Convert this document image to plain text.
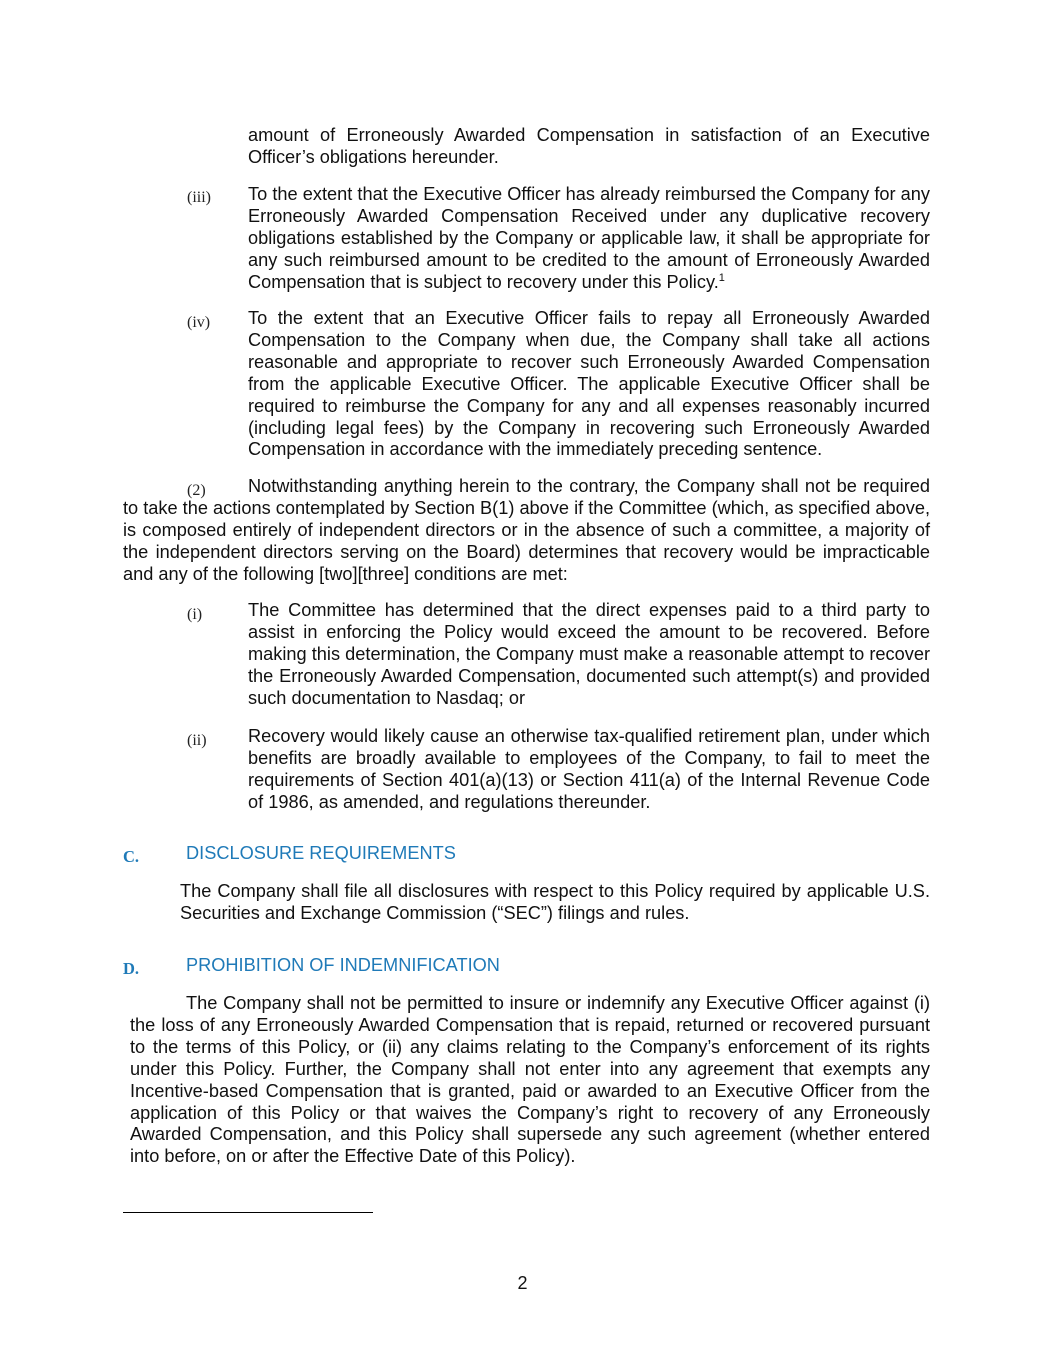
amount of Erroneously Awarded Compensation in satisfaction of an Executive Officer’s obligations hereunder.

(iii) To the extent that the Executive Officer has already reimbursed the Company for any Erroneously Awarded Compensation Received under any duplicative recovery obligations established by the Company or applicable law, it shall be appropriate for any such reimbursed amount to be credited to the amount of Erroneously Awarded Compensation that is subject to recovery under this Policy.$^1$

(iv) To the extent that an Executive Officer fails to repay all Erroneously Awarded Compensation to the Company when due, the Company shall take all actions reasonable and appropriate to recover such Erroneously Awarded Compensation from the applicable Executive Officer. The applicable Executive Officer shall be required to reimburse the Company for any and all expenses reasonably incurred (including legal fees) by the Company in recovering such Erroneously Awarded Compensation in accordance with the immediately preceding sentence.

(2)	Notwithstanding anything herein to the contrary, the Company shall not be required to take the actions contemplated by Section B(1) above if the Committee (which, as specified above, is composed entirely of independent directors or in the absence of such a committee, a majority of the independent directors serving on the Board) determines that recovery would be impracticable and any of the following [two][three] conditions are met:

(i)	The Committee has determined that the direct expenses paid to a third party to assist in enforcing the Policy would exceed the amount to be recovered. Before making this determination, the Company must make a reasonable attempt to recover the Erroneously Awarded Compensation, documented such attempt(s) and provided such documentation to Nasdaq; or

(ii) Recovery would likely cause an otherwise tax-qualified retirement plan, under which benefits are broadly available to employees of the Company, to fail to meet the requirements of Section 401(a)(13) or Section 411(a) of the Internal Revenue Code of 1986, as amended, and regulations thereunder.

C.	DISCLOSURE REQUIREMENTS

The Company shall file all disclosures with respect to this Policy required by applicable U.S. Securities and Exchange Commission (“SEC”) filings and rules.

D.	PROHIBITION OF INDEMNIFICATION

The Company shall not be permitted to insure or indemnify any Executive Officer against (i) the loss of any Erroneously Awarded Compensation that is repaid, returned or recovered pursuant to the terms of this Policy, or (ii) any claims relating to the Company’s enforcement of its rights under this Policy. Further, the Company shall not enter into any agreement that exempts any Incentive-based Compensation that is granted, paid or awarded to an Executive Officer from the application of this Policy or that waives the Company’s right to recovery of any Erroneously Awarded Compensation, and this Policy shall supersede any such agreement (whether entered into before, on or after the Effective Date of this Policy).

2
